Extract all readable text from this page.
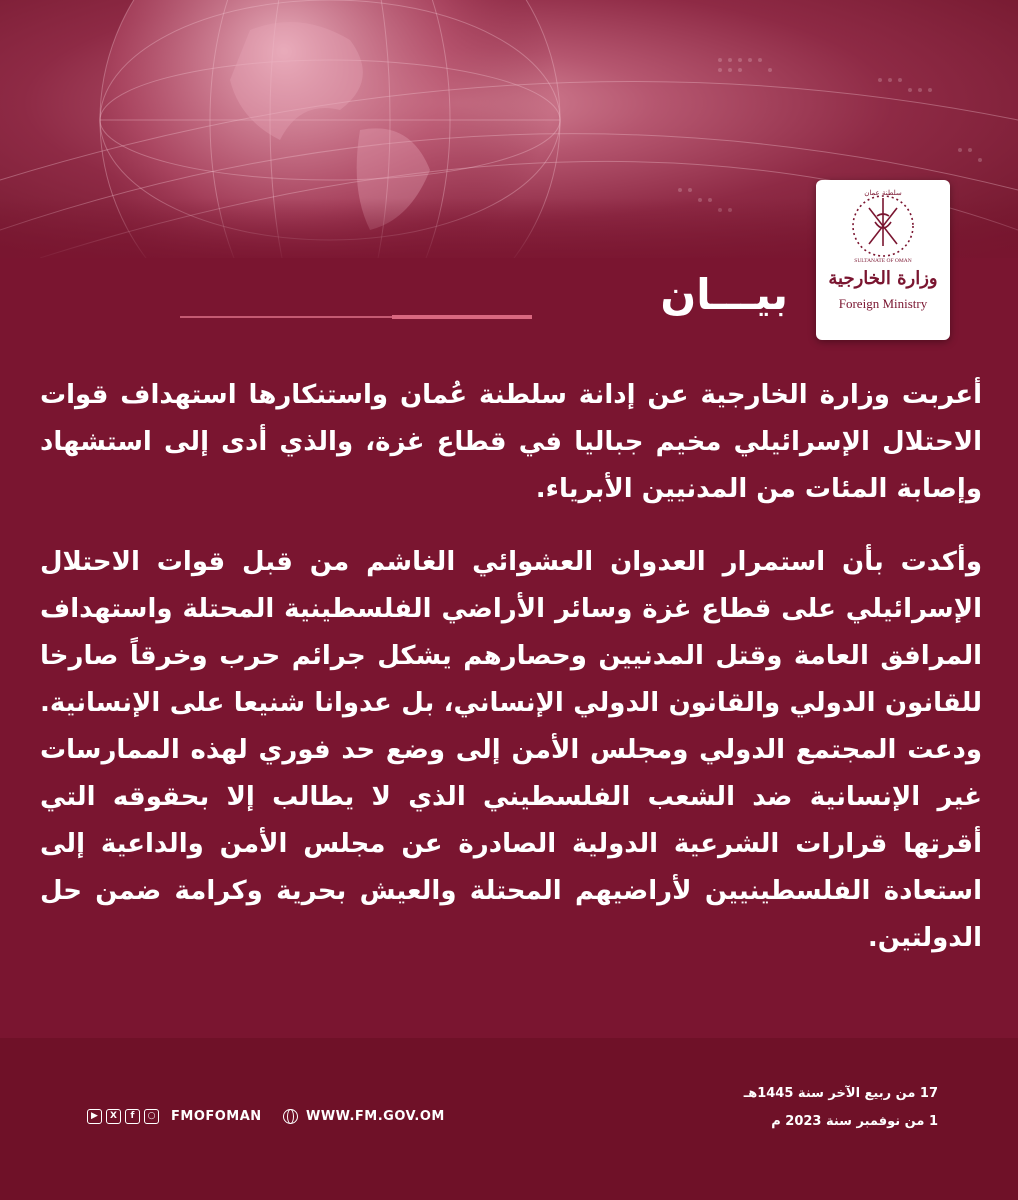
سلطنة عمان
SULTANATE OF OMAN
وزارة الخارجية
Foreign Ministry
بيـــان

أعربت وزارة الخارجية عن إدانة سلطنة عُمان واستنكارها استهداف قوات الاحتلال الإسرائيلي مخيم جباليا في قطاع غزة، والذي أدى إلى استشهاد وإصابة المئات من المدنيين الأبرياء.

وأكدت بأن استمرار العدوان العشوائي الغاشم من قبل قوات الاحتلال الإسرائيلي على قطاع غزة وسائر الأراضي الفلسطينية المحتلة واستهداف المرافق العامة وقتل المدنيين وحصارهم يشكل جرائم حرب وخرقاً صارخا للقانون الدولي والقانون الدولي الإنساني، بل عدوانا شنيعا على الإنسانية. ودعت المجتمع الدولي ومجلس الأمن إلى وضع حد فوري لهذه الممارسات غير الإنسانية ضد الشعب الفلسطيني الذي لا يطالب إلا بحقوقه التي أقرتها قرارات الشرعية الدولية الصادرة عن مجلس الأمن والداعية إلى استعادة الفلسطينيين لأراضيهم المحتلة والعيش بحرية وكرامة ضمن حل الدولتين.

17 من ربيع الآخر سنة 1445هـ
1 من نوفمبر سنة 2023 م
▶	X	f	○ FMOFOMAN	WWW.FM.GOV.OM
